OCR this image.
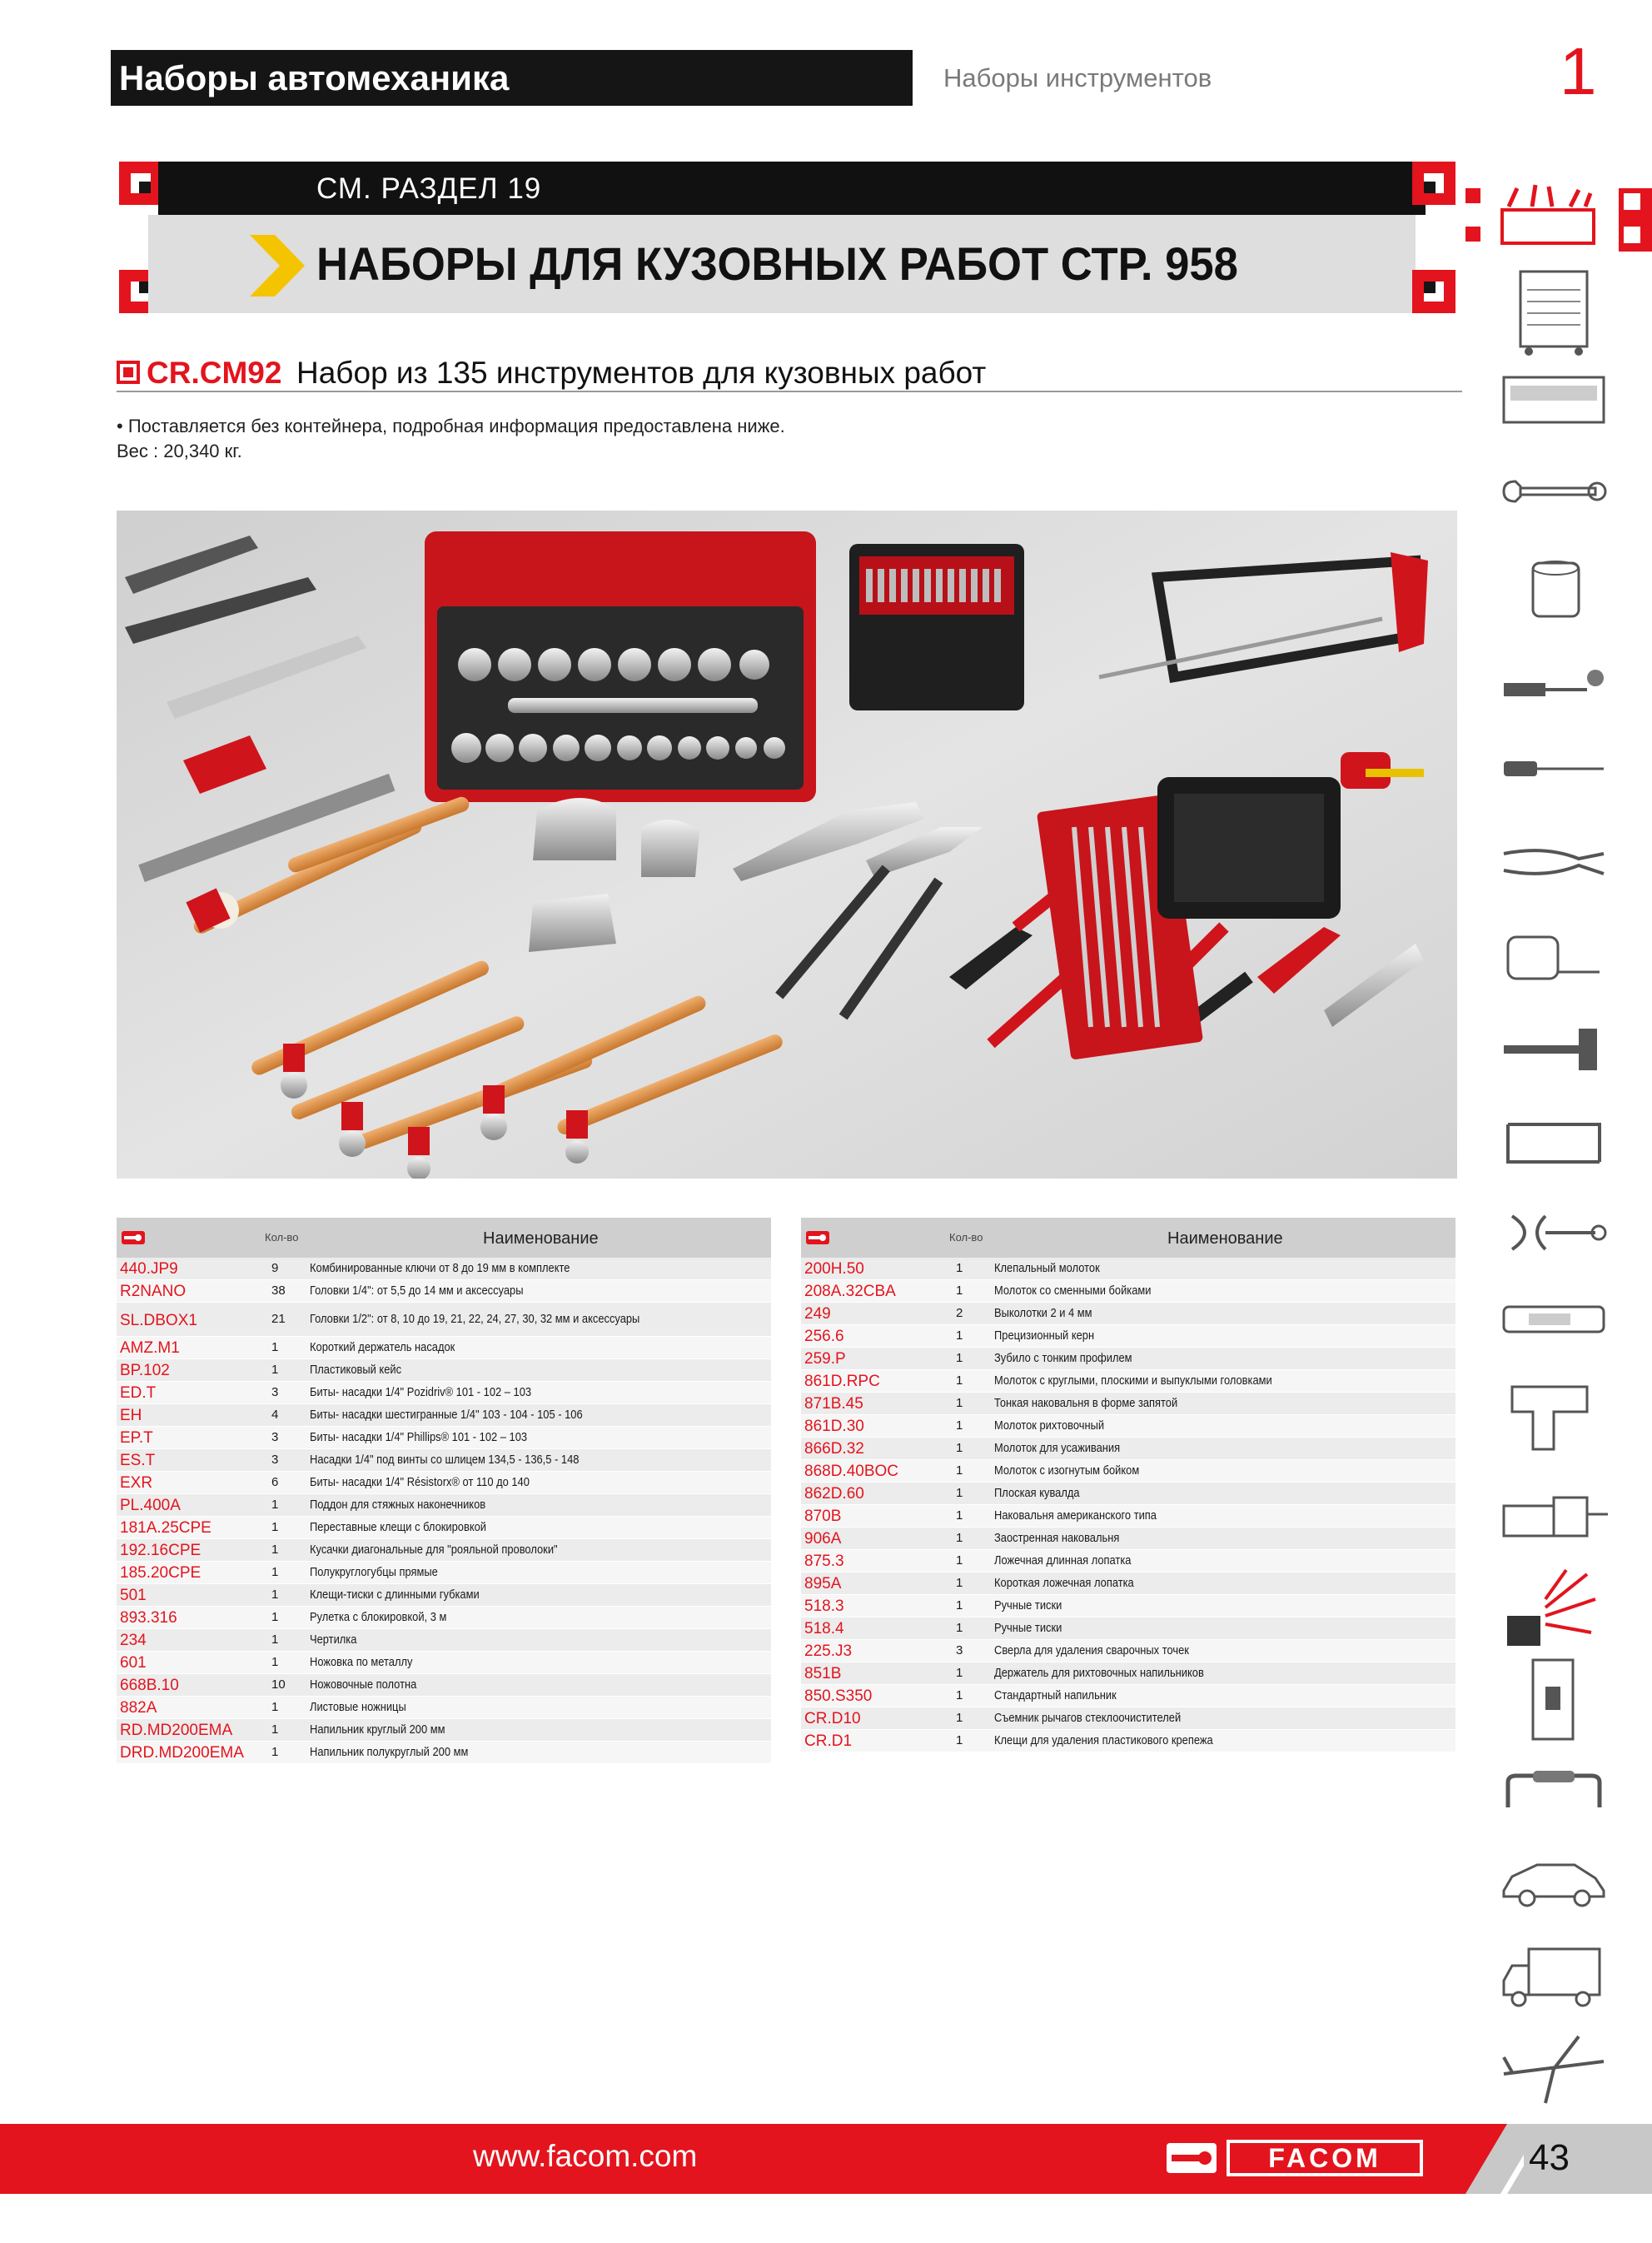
Наборы автомеханика	Наборы инструментов	1
СМ. РАЗДЕЛ 19
НАБОРЫ ДЛЯ КУЗОВНЫХ РАБОТ СТР. 958
CR.CM92 Набор из 135 инструментов для кузовных работ
• Поставляется без контейнера, подробная информация предоставлена ниже.
Вес : 20,340 кг.
Кол-во	Наименование
440.JP9	9	Комбинированные ключи от 8 до 19 мм в комплекте
R2NANO	38	Головки 1/4": от 5,5 до 14 мм и аксессуары
SL.DBOX1	21	Головки 1/2": от 8, 10 до 19, 21, 22, 24, 27, 30, 32 мм и аксессуары
AMZ.M1	1	Короткий держатель насадок
BP.102	1	Пластиковый кейс
ED.T	3	Биты- насадки 1/4" Pozidriv® 101 - 102 – 103
EH	4	Биты- насадки шестигранные 1/4" 103 - 104 - 105 - 106
EP.T	3	Биты- насадки 1/4" Phillips® 101 - 102 – 103
ES.T	3	Насадки 1/4" под винты со шлицем 134,5 - 136,5 - 148
EXR	6	Биты- насадки 1/4" Résistorx® от 110 до 140
PL.400A	1	Поддон для стяжных наконечников
181A.25CPE	1	Переставные клещи с блокировкой
192.16CPE	1	Кусачки диагональные для "рояльной проволоки"
185.20CPE	1	Полукруглогубцы прямые
501	1	Клещи-тиски с длинными губками
893.316	1	Рулетка с блокировкой, 3 м
234	1	Чертилка
601	1	Ножовка по металлу
668B.10	10	Ножовочные полотна
882A	1	Листовые ножницы
RD.MD200EMA	1	Напильник круглый 200 мм
DRD.MD200EMA 1	Напильник полукруглый 200 мм
Кол-во	Наименование
200H.50	1	Клепальный молоток
208A.32CBA	1	Молоток со сменными бойками
249	2	Выколотки 2 и 4 мм
256.6	1	Прецизионный керн
259.P	1	Зубило с тонким профилем
861D.RPC	1	Молоток с круглыми, плоскими и выпуклыми головками
871B.45	1	Тонкая наковальня в форме запятой
861D.30	1	Молоток рихтовочный
866D.32	1	Молоток для усаживания
868D.40BOC	1	Молоток с изогнутым бойком
862D.60	1	Плоская кувалда
870B	1	Наковальня американского типа
906A	1	Заостренная наковальня
875.3	1	Ложечная длинная лопатка
895A	1	Короткая ложечная лопатка
518.3	1	Ручные тиски
518.4	1	Ручные тиски
225.J3	3	Сверла для удаления сварочных точек
851B	1	Держатель для рихтовочных напильников
850.S350	1	Стандартный напильник
CR.D10	1	Съемник рычагов стеклоочистителей
CR.D1	1	Клещи для удаления пластикового крепежа
www.facom.com	FACOM	43
